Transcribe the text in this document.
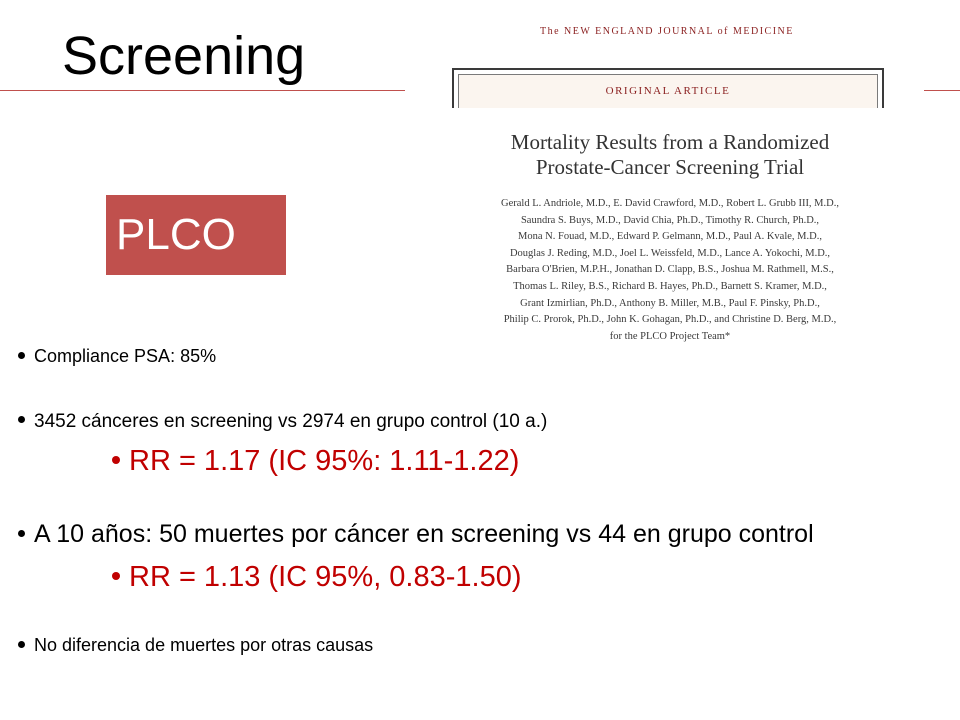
Screening	The NEW ENGLAND JOURNAL of MEDICINE
ORIGINAL ARTICLE
Mortality Results from a Randomized
Prostate-Cancer Screening Trial
Gerald L. Andriole, M.D., E. David Crawford, M.D., Robert L. Grubb III, M.D.,
Saundra S. Buys, M.D., David Chia, Ph.D., Timothy R. Church, Ph.D.,
Mona N. Fouad, M.D., Edward P. Gelmann, M.D., Paul A. Kvale, M.D.,
Douglas J. Reding, M.D., Joel L. Weissfeld, M.D., Lance A. Yokochi, M.D.,
Barbara O'Brien, M.P.H., Jonathan D. Clapp, B.S., Joshua M. Rathmell, M.S.,
Thomas L. Riley, B.S., Richard B. Hayes, Ph.D., Barnett S. Kramer, M.D.,
Grant Izmirlian, Ph.D., Anthony B. Miller, M.B., Paul F. Pinsky, Ph.D.,
Philip C. Prorok, Ph.D., John K. Gohagan, Ph.D., and Christine D. Berg, M.D.,
for the PLCO Project Team*
PLCO
Compliance PSA: 85%
3452 cánceres en screening vs 2974 en grupo control (10 a.)
RR = 1.17 (IC 95%: 1.11-1.22)
A 10 años: 50 muertes por cáncer en screening vs 44 en grupo control
RR = 1.13 (IC 95%, 0.83-1.50)
No diferencia de muertes por otras causas
